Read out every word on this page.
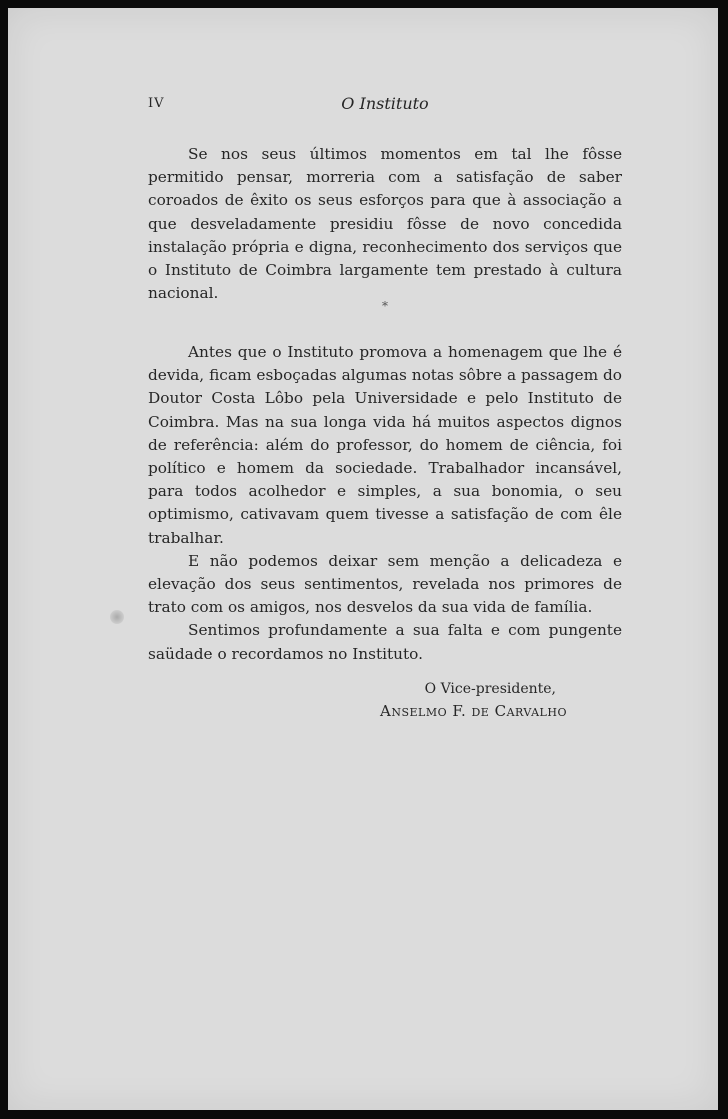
IV	O Instituto

Se nos seus últimos momentos em tal lhe fôsse permitido pensar, morreria com a satisfação de saber coroados de êxito os seus esforços para que à associação a que desveladamente presidiu fôsse de novo concedida instalação própria e digna, reconhecimento dos serviços que o Instituto de Coimbra largamente tem prestado à cultura nacional.

*

Antes que o Instituto promova a homenagem que lhe é devida, ficam esboçadas algumas notas sôbre a passagem do Doutor Costa Lôbo pela Universidade e pelo Instituto de Coimbra. Mas na sua longa vida há muitos aspectos dignos de referência: além do professor, do homem de ciência, foi político e homem da sociedade. Trabalhador incansável, para todos acolhedor e simples, a sua bonomia, o seu optimismo, cativavam quem tivesse a satisfação de com êle trabalhar.

E não podemos deixar sem menção a delicadeza e elevação dos seus sentimentos, revelada nos primores de trato com os amigos, nos desvelos da sua vida de família.

Sentimos profundamente a sua falta e com pungente saüdade o recordamos no Instituto.

O Vice-presidente,
Anselmo F. de Carvalho
